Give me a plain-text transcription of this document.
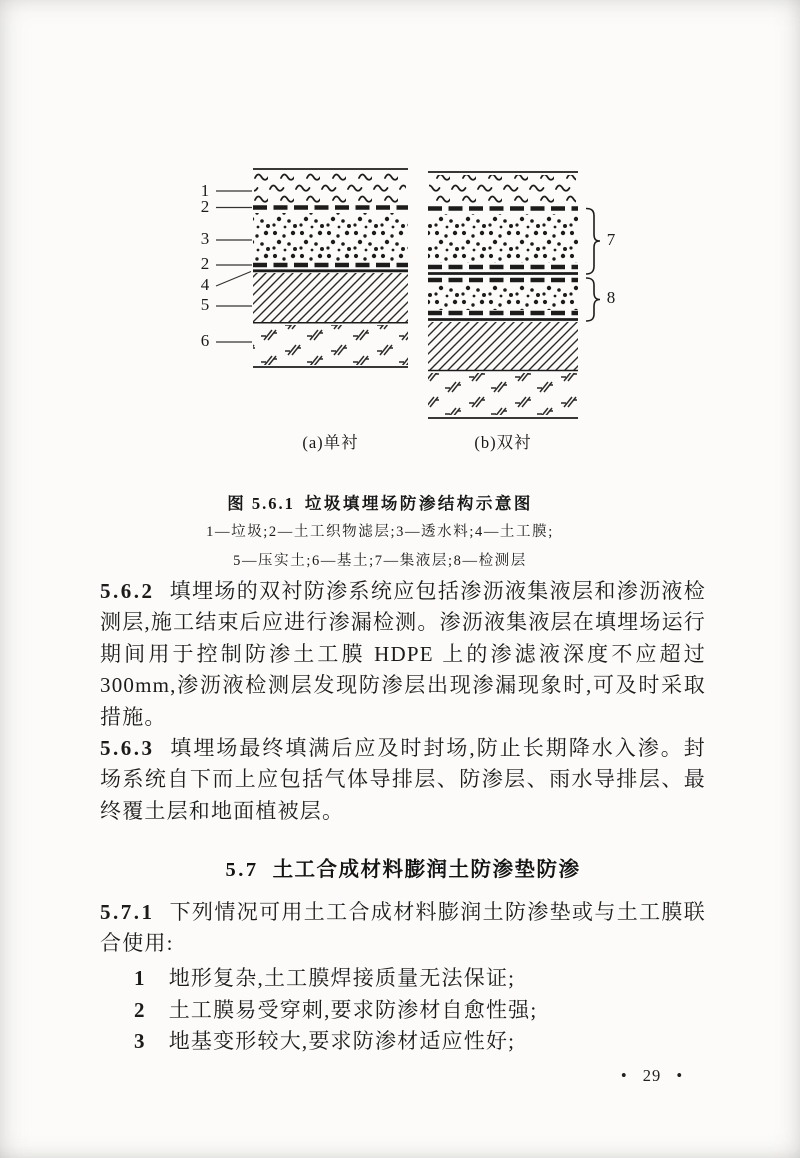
1
2
3
2
4
5
6
7
8
(a)单衬	(b)双衬
图 5.6.1 垃圾填埋场防渗结构示意图
1—垃圾;2—土工织物滤层;3—透水料;4—土工膜;
5—压实土;6—基土;7—集液层;8—检测层

5.6.2 填埋场的双衬防渗系统应包括渗沥液集液层和渗沥液检测层,施工结束后应进行渗漏检测。渗沥液集液层在填埋场运行期间用于控制防渗土工膜 HDPE 上的渗滤液深度不应超过300mm,渗沥液检测层发现防渗层出现渗漏现象时,可及时采取措施。

5.6.3 填埋场最终填满后应及时封场,防止长期降水入渗。封场系统自下而上应包括气体导排层、防渗层、雨水导排层、最终覆土层和地面植被层。

5.7 土工合成材料膨润土防渗垫防渗

5.7.1 下列情况可用土工合成材料膨润土防渗垫或与土工膜联合使用:

1 地形复杂,土工膜焊接质量无法保证;
2 土工膜易受穿刺,要求防渗材自愈性强;
3 地基变形较大,要求防渗材适应性好;
• 29 •
